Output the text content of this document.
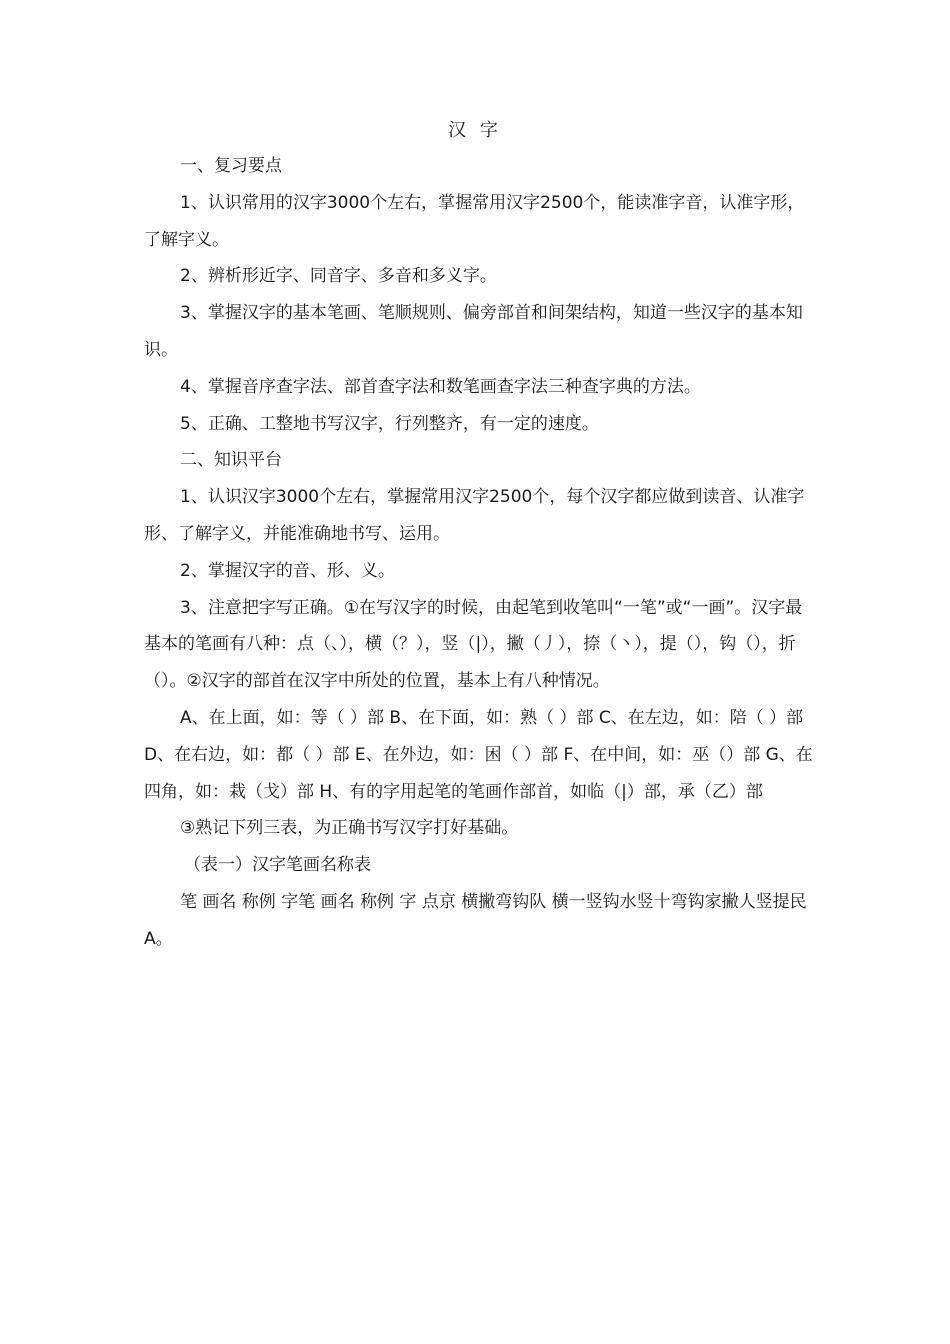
汉 字

一、复习要点

1、认识常用的汉字3000个左右，掌握常用汉字2500个，能读准字音，认准字形，了解字义。

2、辨析形近字、同音字、多音和多义字。

3、掌握汉字的基本笔画、笔顺规则、偏旁部首和间架结构，知道一些汉字的基本知识。

4、掌握音序查字法、部首查字法和数笔画查字法三种查字典的方法。

5、正确、工整地书写汉字，行列整齐，有一定的速度。

二、知识平台

1、认识汉字3000个左右，掌握常用汉字2500个，每个汉字都应做到读音、认准字形、了解字义，并能准确地书写、运用。

2、掌握汉字的音、形、义。

3、注意把字写正确。①在写汉字的时候，由起笔到收笔叫“一笔”或“一画”。汉字最基本的笔画有八种：点（、），横（？），竖（|），撇（丿），捺（丶），提（），钩（），折（）。②汉字的部首在汉字中所处的位置，基本上有八种情况。

A、在上面，如：等（ ）部 B、在下面，如：熟（ ）部 C、在左边，如：陪（ ）部 D、在右边，如：都（ ）部 E、在外边，如：困（ ）部 F、在中间，如：巫（）部 G、在四角，如：栽（戈）部 H、有的字用起笔的笔画作部首，如临（|）部，承（乙）部

③熟记下列三表，为正确书写汉字打好基础。

（表一）汉字笔画名称表

笔 画名 称例 字笔 画名 称例 字 点京 横撇弯钩队 横一竖钩水竖十弯钩家撇人竖提民A。
